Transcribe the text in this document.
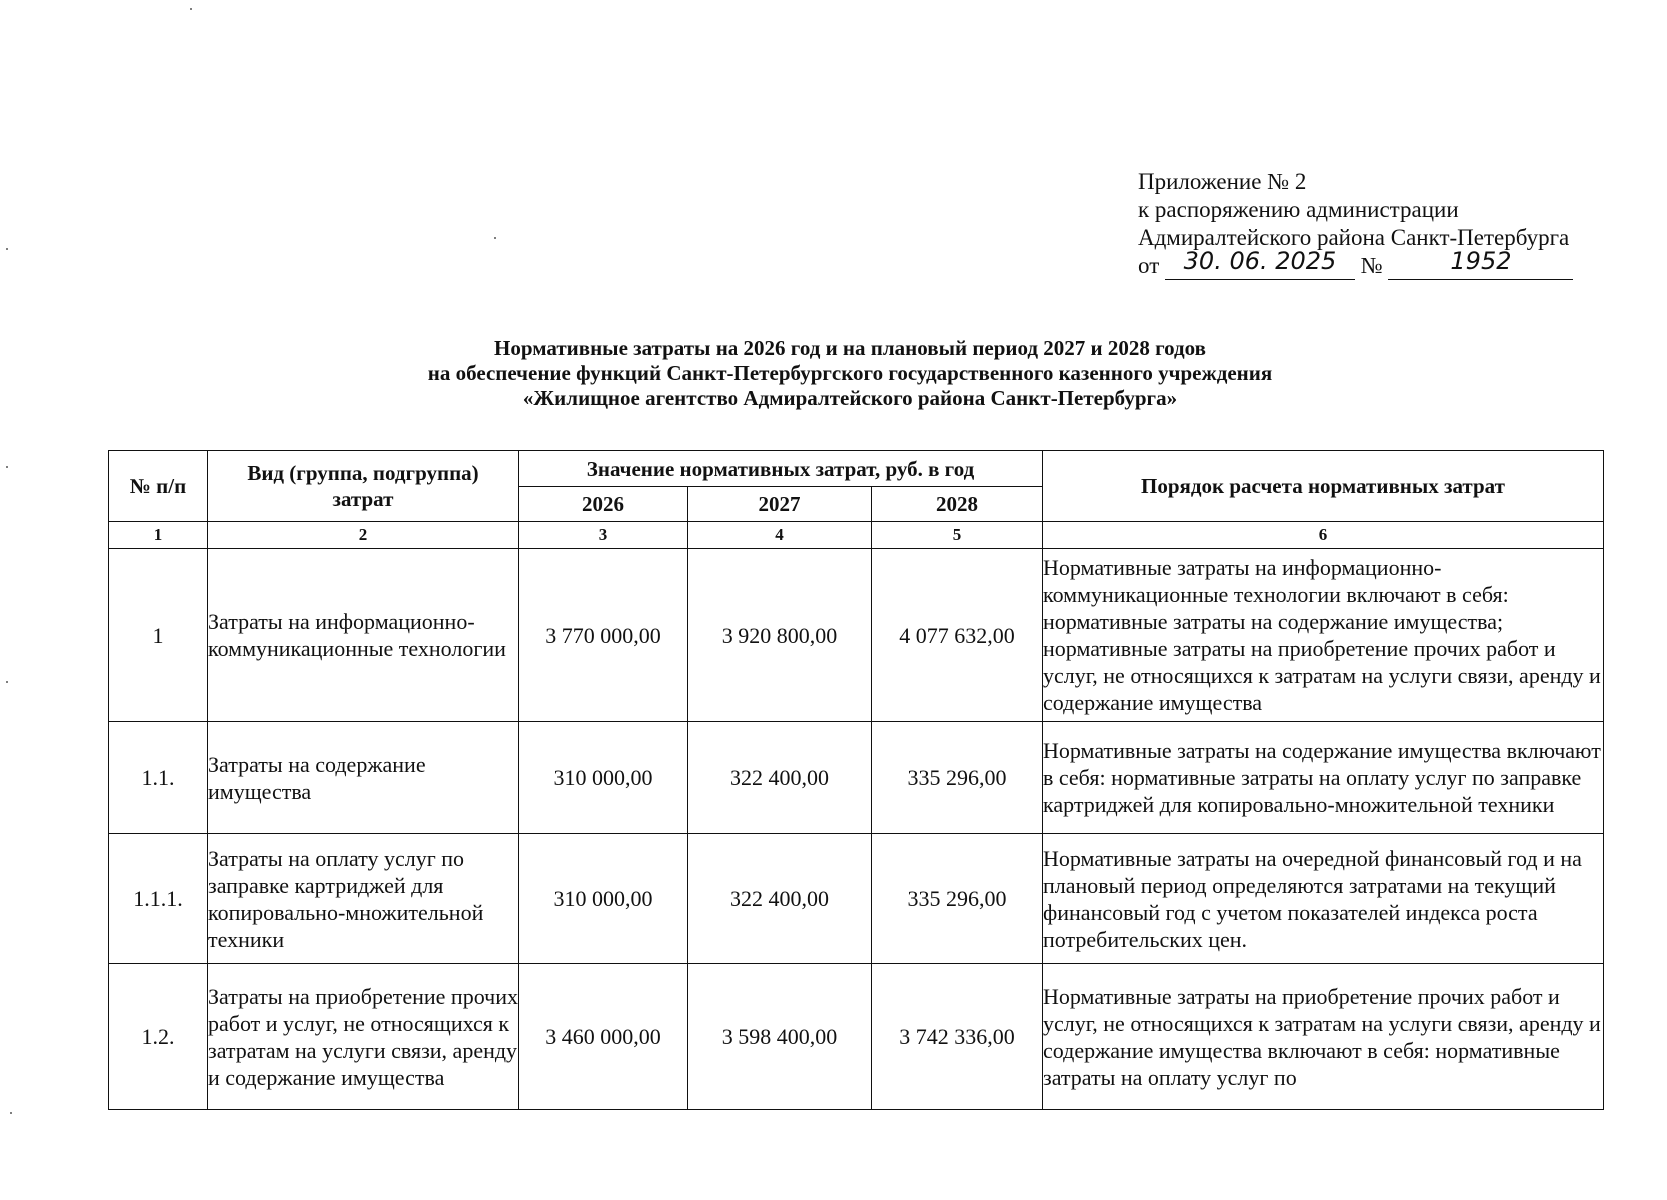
Приложение № 2
к распоряжению администрации
Адмиралтейского района Санкт-Петербурга
от 30. 06. 2025 №	1952
Нормативные затраты на 2026 год и на плановый период 2027 и 2028 годов
на обеспечение функций Санкт-Петербургского государственного казенного учреждения
«Жилищное агентство Адмиралтейского района Санкт-Петербурга»
№ п/п	Вид (группа, подгруппа) затрат	Значение нормативных затрат, руб. в год			Порядок расчета нормативных затрат
		2026	2027	2028	
1	2	3	4	5	6
1	Затраты на информационно-коммуникационные технологии	3 770 000,00	3 920 800,00	4 077 632,00	Нормативные затраты на информационно-коммуникационные технологии включают в себя: нормативные затраты на содержание имущества; нормативные затраты на приобретение прочих работ и услуг, не относящихся к затратам на услуги связи, аренду и содержание имущества
1.1.	Затраты на содержание имущества	310 000,00	322 400,00	335 296,00	Нормативные затраты на содержание имущества включают в себя: нормативные затраты на оплату услуг по заправке картриджей для копировально-множительной техники
1.1.1.	Затраты на оплату услуг по заправке картриджей для копировально-множительной техники	310 000,00	322 400,00	335 296,00	Нормативные затраты на очередной финансовый год и на плановый период определяются затратами на текущий финансовый год с учетом показателей индекса роста потребительских цен.
1.2.	Затраты на приобретение прочих работ и услуг, не относящихся к затратам на услуги связи, аренду и содержание имущества	3 460 000,00	3 598 400,00	3 742 336,00	Нормативные затраты на приобретение прочих работ и услуг, не относящихся к затратам на услуги связи, аренду и содержание имущества включают в себя: нормативные затраты на оплату услуг по
